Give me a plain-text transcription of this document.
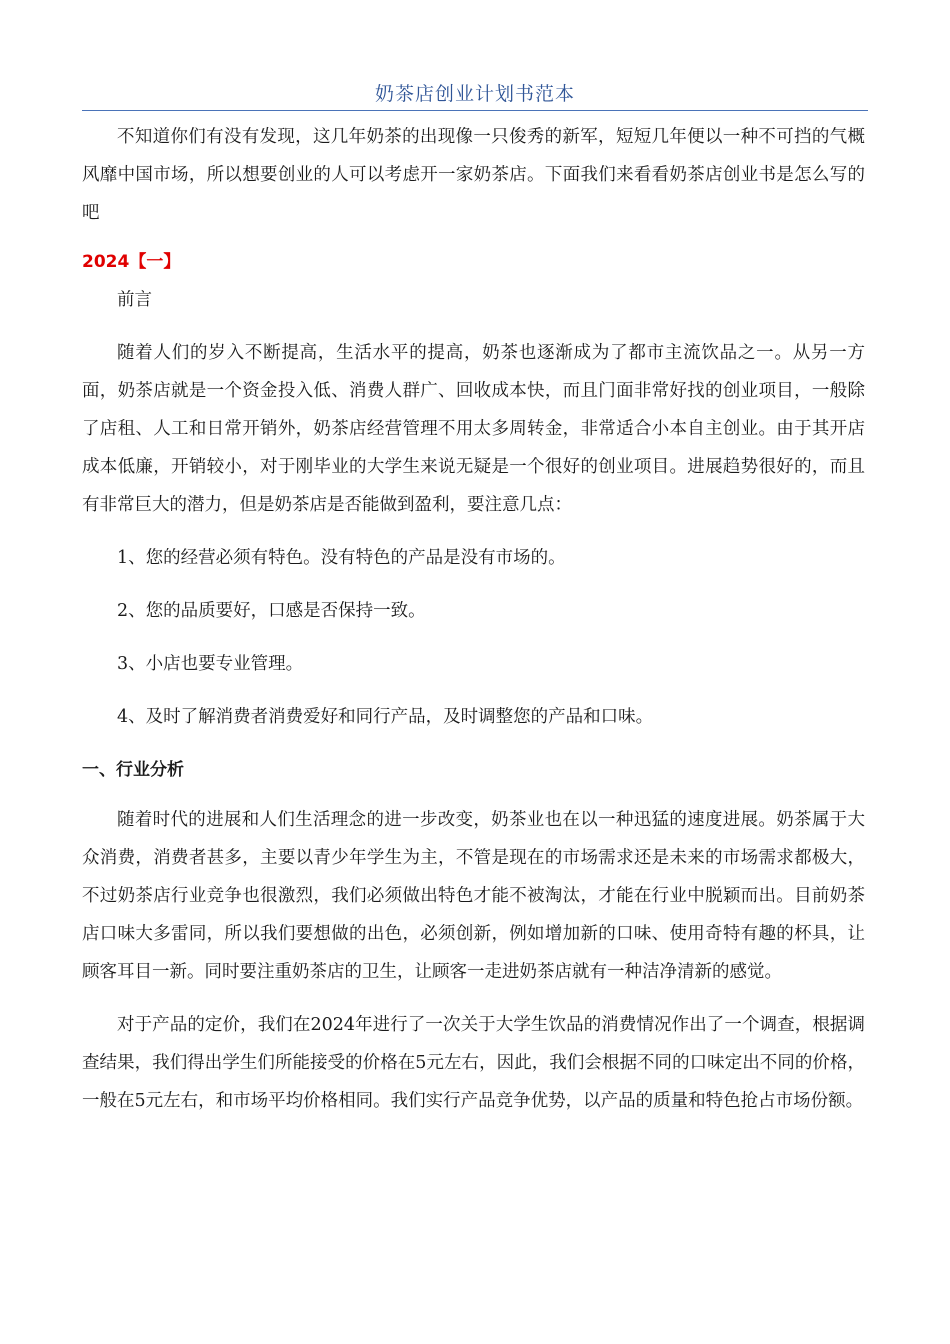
奶茶店创业计划书范本

不知道你们有没有发现，这几年奶茶的出现像一只俊秀的新军，短短几年便以一种不可挡的气概风靡中国市场，所以想要创业的人可以考虑开一家奶茶店。下面我们来看看奶茶店创业书是怎么写的吧

2024【一】

前言

随着人们的岁入不断提高，生活水平的提高，奶茶也逐渐成为了都市主流饮品之一。从另一方面，奶茶店就是一个资金投入低、消费人群广、回收成本快，而且门面非常好找的创业项目，一般除了店租、人工和日常开销外，奶茶店经营管理不用太多周转金，非常适合小本自主创业。由于其开店成本低廉，开销较小，对于刚毕业的大学生来说无疑是一个很好的创业项目。进展趋势很好的，而且有非常巨大的潜力，但是奶茶店是否能做到盈利，要注意几点：

1、您的经营必须有特色。没有特色的产品是没有市场的。

2、您的品质要好，口感是否保持一致。

3、小店也要专业管理。

4、及时了解消费者消费爱好和同行产品，及时调整您的产品和口味。

一、行业分析

随着时代的进展和人们生活理念的进一步改变，奶茶业也在以一种迅猛的速度进展。奶茶属于大众消费，消费者甚多，主要以青少年学生为主，不管是现在的市场需求还是未来的市场需求都极大，不过奶茶店行业竞争也很激烈，我们必须做出特色才能不被淘汰，才能在行业中脱颖而出。目前奶茶店口味大多雷同，所以我们要想做的出色，必须创新，例如增加新的口味、使用奇特有趣的杯具，让顾客耳目一新。同时要注重奶茶店的卫生，让顾客一走进奶茶店就有一种洁净清新的感觉。

对于产品的定价，我们在2024年进行了一次关于大学生饮品的消费情况作出了一个调查，根据调查结果，我们得出学生们所能接受的价格在5元左右，因此，我们会根据不同的口味定出不同的价格，一般在5元左右，和市场平均价格相同。我们实行产品竞争优势，以产品的质量和特色抢占市场份额。
